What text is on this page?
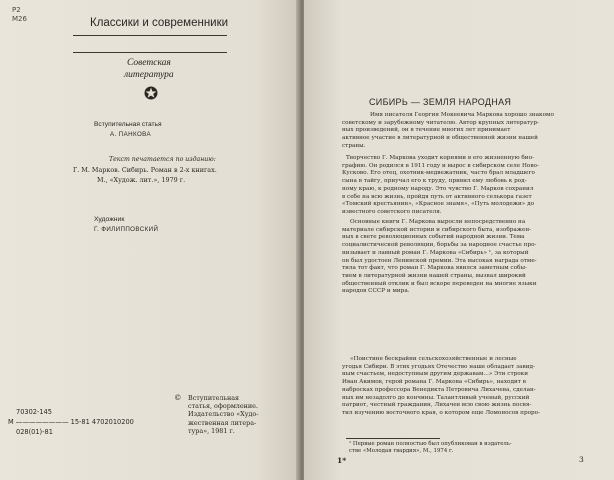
Р2
М26	Классики и современники
Советская
литература
Вступительная статья
А. ПАНКОВА
Текст печатается по изданию:
Г. М. Марков. Сибирь. Роман в 2-х книгах.
М., «Худож. лит.», 1979 г.
Художник
Г. ФИЛИППОВСКИЙ
70302-145
М ———————— 15-81 4702010200
028(01)-81
© Вступительная
статья, оформление.
Издательство «Худо-
жественная литера-
тура», 1981 г.
СИБИРЬ — ЗЕМЛЯ НАРОДНАЯ
Имя писателя Георгия Мокеевича Маркова хорошо знакомо
советскому и зарубежному читателю. Автор крупных литератур-
ных произведений, он в течение многих лет принимает
активное участие в литературной и общественной жизни нашей
страны.
Творчество Г. Маркова уходит корнями в его жизненную био-
графию. Он родился в 1911 году и вырос в сибирском селе Ново-
Кусково. Его отец, охотник-медвежатник, часто брал младшего
сына в тайгу, приучал его к труду, привил ему любовь к род-
ному краю, к родному народу. Это чувство Г. Марков сохранил
в себе на всю жизнь, пройдя путь от активного селькора газет
«Томский крестьянин», «Красное знамя», «Путь молодежи» до
известного советского писателя.
Основные книги Г. Маркова выросли непосредственно на
материале сибирской истории и сибирского быта, изображен-
ных в свете революционных событий народной жизни. Тема
социалистической революции, борьбы за народное счастье про-
низывает и лавный роман Г. Маркова «Сибирь» ¹, за который
он был удостоен Ленинской премии. Эта высокая награда отме-
тила тот факт, что роман Г. Маркова явился заметным собы-
тием в литературной жизни нашей страны, вызвал широкий
общественный отклик и был вскоре переведен на многие языки
народов СССР и мира.
«Поистине бескрайни сельскохозяйственные и лесные
угодья Сибири. В этих угодьях Отечество наше обладает завид-
ным счастьем, недоступным другим державам...» Эти строки
Иван Акимов, герой романа Г. Маркова «Сибирь», находит в
набросках профессора Венедикта Петровича Лихачева, сделан-
ных им незадолго до кончины. Талантливый ученый, русский
патриот, честный гражданин, Лихачев всю свою жизнь посвя-
тил изучению восточного края, о котором еще Ломоносов проро-
¹ Первые роман полностью был опубликован в издатель-
стве «Молодая гвардия», М., 1974 г.
1*	3
